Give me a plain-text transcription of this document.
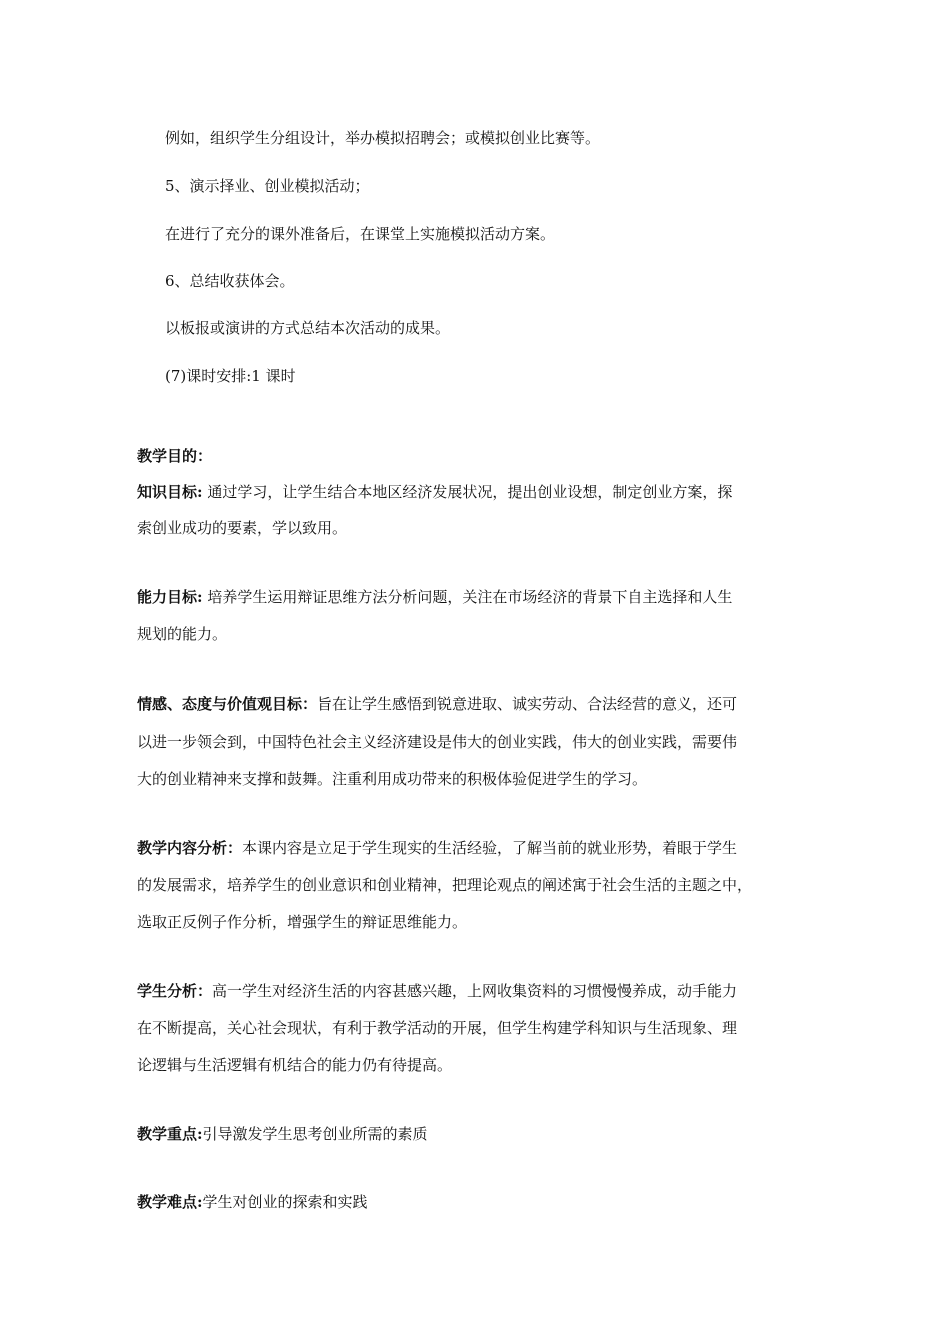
例如，组织学生分组设计，举办模拟招聘会；或模拟创业比赛等。
5、演示择业、创业模拟活动；
在进行了充分的课外准备后，在课堂上实施模拟活动方案。
6、总结收获体会。
以板报或演讲的方式总结本次活动的成果。
(7)课时安排:1 课时
教学目的：
知识目标: 通过学习，让学生结合本地区经济发展状况，提出创业设想，制定创业方案，探
索创业成功的要素，学以致用。
能力目标: 培养学生运用辩证思维方法分析问题，关注在市场经济的背景下自主选择和人生
规划的能力。
情感、态度与价值观目标：旨在让学生感悟到锐意进取、诚实劳动、合法经营的意义，还可
以进一步领会到，中国特色社会主义经济建设是伟大的创业实践，伟大的创业实践，需要伟
大的创业精神来支撑和鼓舞。注重利用成功带来的积极体验促进学生的学习。
教学内容分析：本课内容是立足于学生现实的生活经验，了解当前的就业形势，着眼于学生
的发展需求，培养学生的创业意识和创业精神，把理论观点的阐述寓于社会生活的主题之中，
选取正反例子作分析，增强学生的辩证思维能力。
学生分析：高一学生对经济生活的内容甚感兴趣，上网收集资料的习惯慢慢养成，动手能力
在不断提高，关心社会现状，有利于教学活动的开展，但学生构建学科知识与生活现象、理
论逻辑与生活逻辑有机结合的能力仍有待提高。
教学重点:引导激发学生思考创业所需的素质
教学难点:学生对创业的探索和实践
